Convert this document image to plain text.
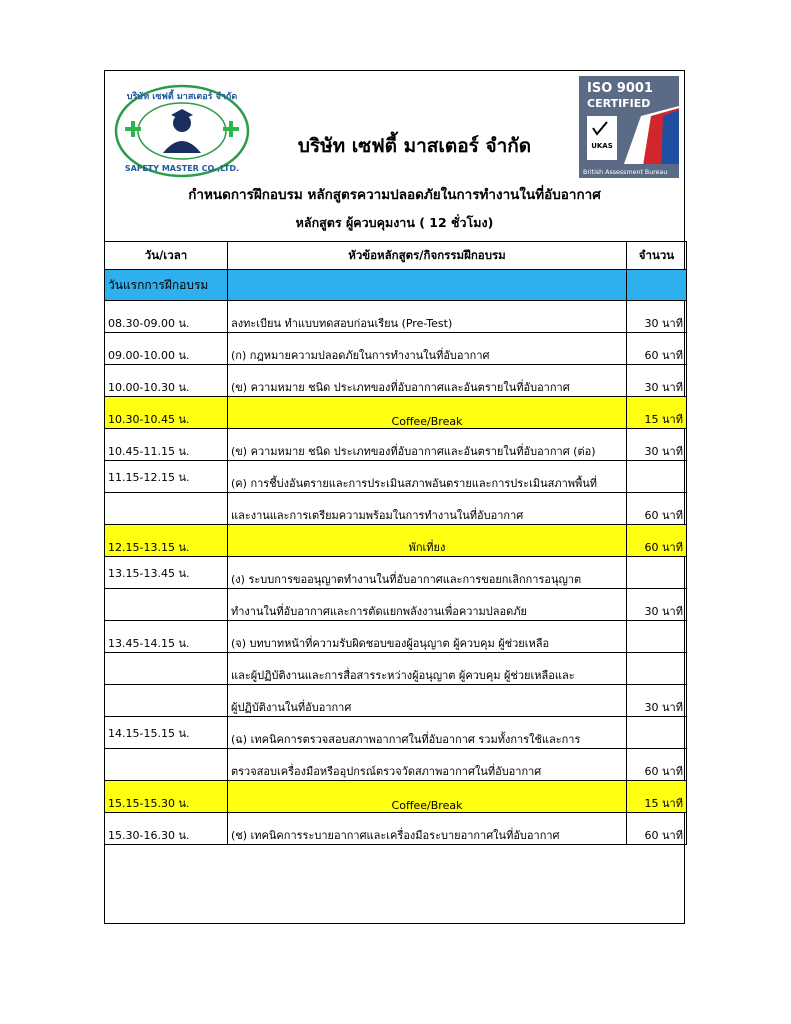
บริษัท เซฟตี้ มาสเตอร์ จำกัด
SAFETY MASTER CO.,LTD.
บริษัท เซฟตี้ มาสเตอร์ จำกัด
ISO 9001
CERTIFIED
UKAS
British Assessment Bureau
กำหนดการฝึกอบรม หลักสูตรความปลอดภัยในการทำงานในที่อับอากาศ
หลักสูตร ผู้ควบคุมงาน ( 12 ชั่วโมง)
วัน/เวลา	หัวข้อหลักสูตร/กิจกรรมฝึกอบรม	จำนวน
วันแรกการฝึกอบรม		
08.30-09.00 น.	ลงทะเบียน ทำแบบทดสอบก่อนเรียน (Pre-Test)	30 นาที
09.00-10.00 น.	(ก) กฎหมายความปลอดภัยในการทำงานในที่อับอากาศ	60 นาที
10.00-10.30 น.	(ข) ความหมาย ชนิด ประเภทของที่อับอากาศและอันตรายในที่อับอากาศ	30 นาที
10.30-10.45 น.	Coffee/Break	15 นาที
10.45-11.15 น.	(ข) ความหมาย ชนิด ประเภทของที่อับอากาศและอันตรายในที่อับอากาศ (ต่อ)	30 นาที
11.15-12.15 น.	(ค) การชี้บ่งอันตรายและการประเมินสภาพอันตรายและการประเมินสภาพพื้นที่	
	และงานและการเตรียมความพร้อมในการทำงานในที่อับอากาศ	60 นาที
12.15-13.15 น.	พักเที่ยง	60 นาที
13.15-13.45 น.	(ง) ระบบการขออนุญาตทำงานในที่อับอากาศและการขอยกเลิกการอนุญาต	
	ทำงานในที่อับอากาศและการตัดแยกพลังงานเพื่อความปลอดภัย	30 นาที
13.45-14.15 น.	(จ) บทบาทหน้าที่ความรับผิดชอบของผู้อนุญาต ผู้ควบคุม ผู้ช่วยเหลือ	
	และผู้ปฏิบัติงานและการสื่อสารระหว่างผู้อนุญาต ผู้ควบคุม ผู้ช่วยเหลือและ	
	ผู้ปฏิบัติงานในที่อับอากาศ	30 นาที
14.15-15.15 น.	(ฉ) เทคนิคการตรวจสอบสภาพอากาศในที่อับอากาศ รวมทั้งการใช้และการ	
	ตรวจสอบเครื่องมือหรืออุปกรณ์ตรวจวัดสภาพอากาศในที่อับอากาศ	60 นาที
15.15-15.30 น.	Coffee/Break	15 นาที
15.30-16.30 น.	(ช) เทคนิคการระบายอากาศและเครื่องมือระบายอากาศในที่อับอากาศ	60 นาที
